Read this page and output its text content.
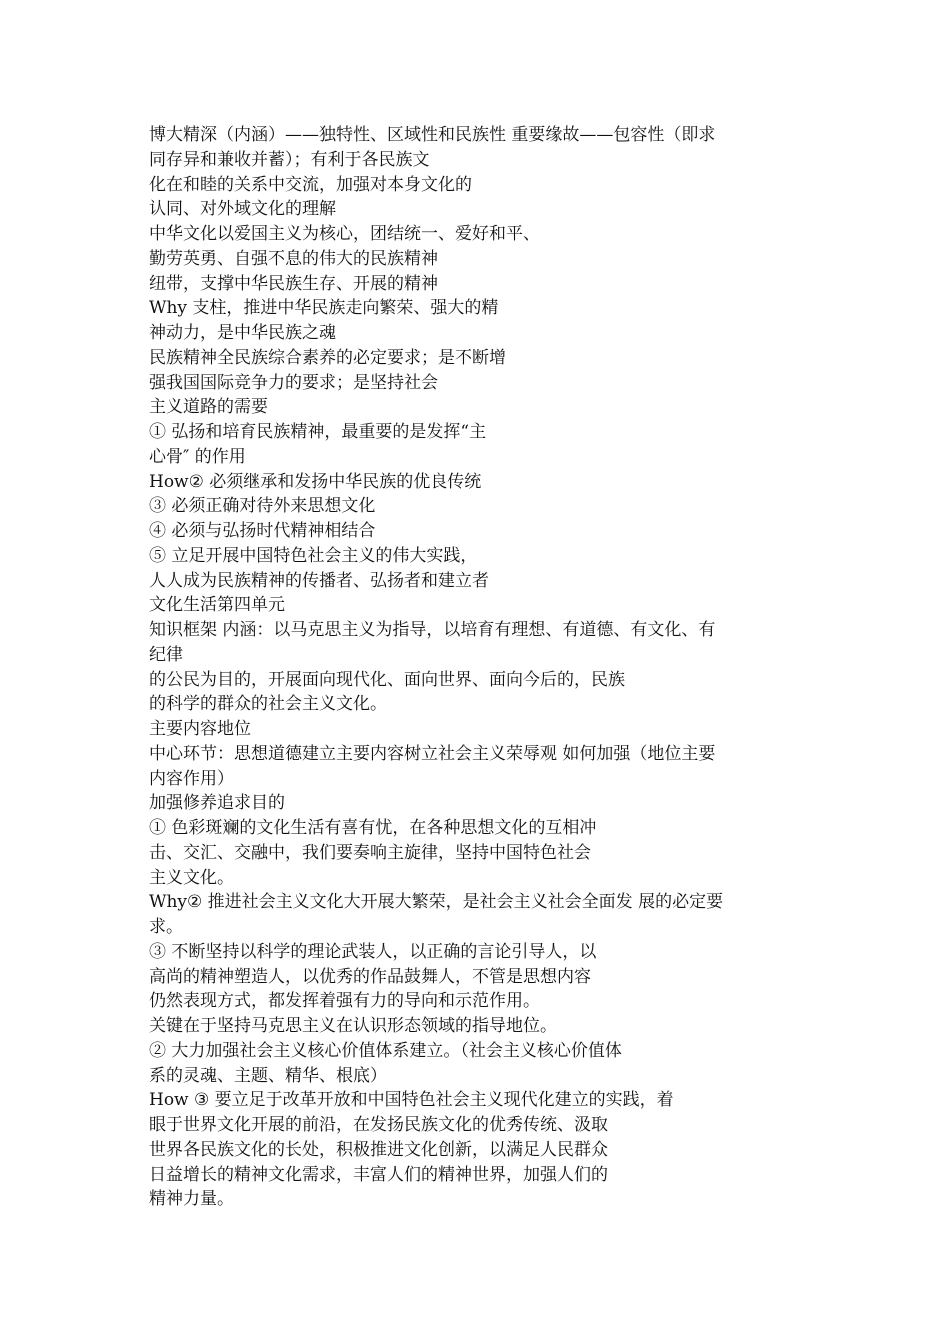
博大精深（内涵）——独特性、区域性和民族性 重要缘故——包容性（即求
同存异和兼收并蓄）；有利于各民族文
化在和睦的关系中交流，加强对本身文化的
认同、对外域文化的理解
中华文化以爱国主义为核心，团结统一、爱好和平、
勤劳英勇、自强不息的伟大的民族精神
纽带，支撑中华民族生存、开展的精神
Why 支柱，推进中华民族走向繁荣、强大的精
神动力，是中华民族之魂
民族精神全民族综合素养的必定要求；是不断增
强我国国际竞争力的要求；是坚持社会
主义道路的需要
① 弘扬和培育民族精神，最重要的是发挥“主
心骨″ 的作用
How② 必须继承和发扬中华民族的优良传统
③ 必须正确对待外来思想文化
④ 必须与弘扬时代精神相结合
⑤ 立足开展中国特色社会主义的伟大实践，
人人成为民族精神的传播者、弘扬者和建立者
文化生活第四单元
知识框架 内涵：以马克思主义为指导，以培育有理想、有道德、有文化、有
纪律
的公民为目的，开展面向现代化、面向世界、面向今后的，民族
的科学的群众的社会主义文化。
主要内容地位
中心环节：思想道德建立主要内容树立社会主义荣辱观 如何加强（地位主要
内容作用）
加强修养追求目的
① 色彩斑斓的文化生活有喜有忧，在各种思想文化的互相冲
击、交汇、交融中，我们要奏响主旋律，坚持中国特色社会
主义文化。
Why② 推进社会主义文化大开展大繁荣，是社会主义社会全面发 展的必定要
求。
③ 不断坚持以科学的理论武装人，以正确的言论引导人，以
高尚的精神塑造人，以优秀的作品鼓舞人，不管是思想内容
仍然表现方式，都发挥着强有力的导向和示范作用。
关键在于坚持马克思主义在认识形态领域的指导地位。
② 大力加强社会主义核心价值体系建立。（社会主义核心价值体
系的灵魂、主题、精华、根底）
How ③ 要立足于改革开放和中国特色社会主义现代化建立的实践，着
眼于世界文化开展的前沿，在发扬民族文化的优秀传统、汲取
世界各民族文化的长处，积极推进文化创新，以满足人民群众
日益增长的精神文化需求，丰富人们的精神世界，加强人们的
精神力量。
